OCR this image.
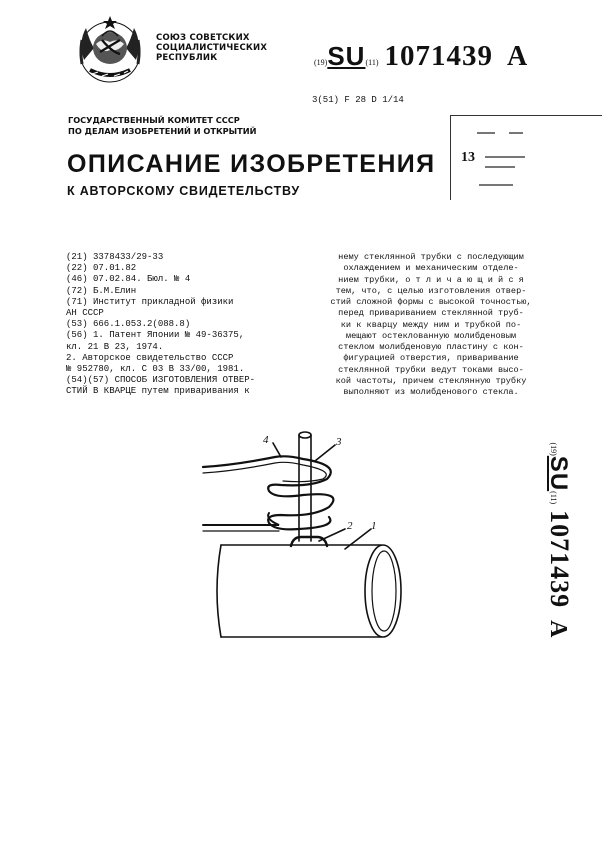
СОЮЗ СОВЕТСКИХ
СОЦИАЛИСТИЧЕСКИХ
РЕСПУБЛИК	(19)SU(11) 1071439 A
3(51) F 28 D 1/14
ГОСУДАРСТВЕННЫЙ КОМИТЕТ СССР
ПО ДЕЛАМ ИЗОБРЕТЕНИЙ И ОТКРЫТИЙ
13
ОПИСАНИЕ ИЗОБРЕТЕНИЯ
К АВТОРСКОМУ СВИДЕТЕЛЬСТВУ
(21) 3378433/29-33
(22) 07.01.82
(46) 07.02.84. Бюл. № 4
(72) Б.М.Елин
(71) Институт прикладной физики
АН СССР
(53) 666.1.053.2(088.8)
(56) 1. Патент Японии № 49-36375,
кл. 21 В 23, 1974.
2. Авторское свидетельство СССР
№ 952780, кл. С 03 В 33/00, 1981.
(54)(57) СПОСОБ ИЗГОТОВЛЕНИЯ ОТВЕР-
СТИЙ В КВАРЦЕ путем приваривания к
нему стеклянной трубки с последующим
охлаждением и механическим отделе-
нием трубки, о т л и ч а ю щ и й с я
тем, что, с целью изготовления отвер-
стий сложной формы с высокой точностью,
перед привариванием стеклянной труб-
ки к кварцу между ним и трубкой по-
мещают остеклованную молибденовым
стеклом молибденовую пластину с кон-
фигурацией отверстия, приваривание
стеклянной трубки ведут токами высо-
кой частоты, причем стеклянную трубку
выполняют из молибденового стекла.
4	3
2 1
(19)SU(11)1071439A
